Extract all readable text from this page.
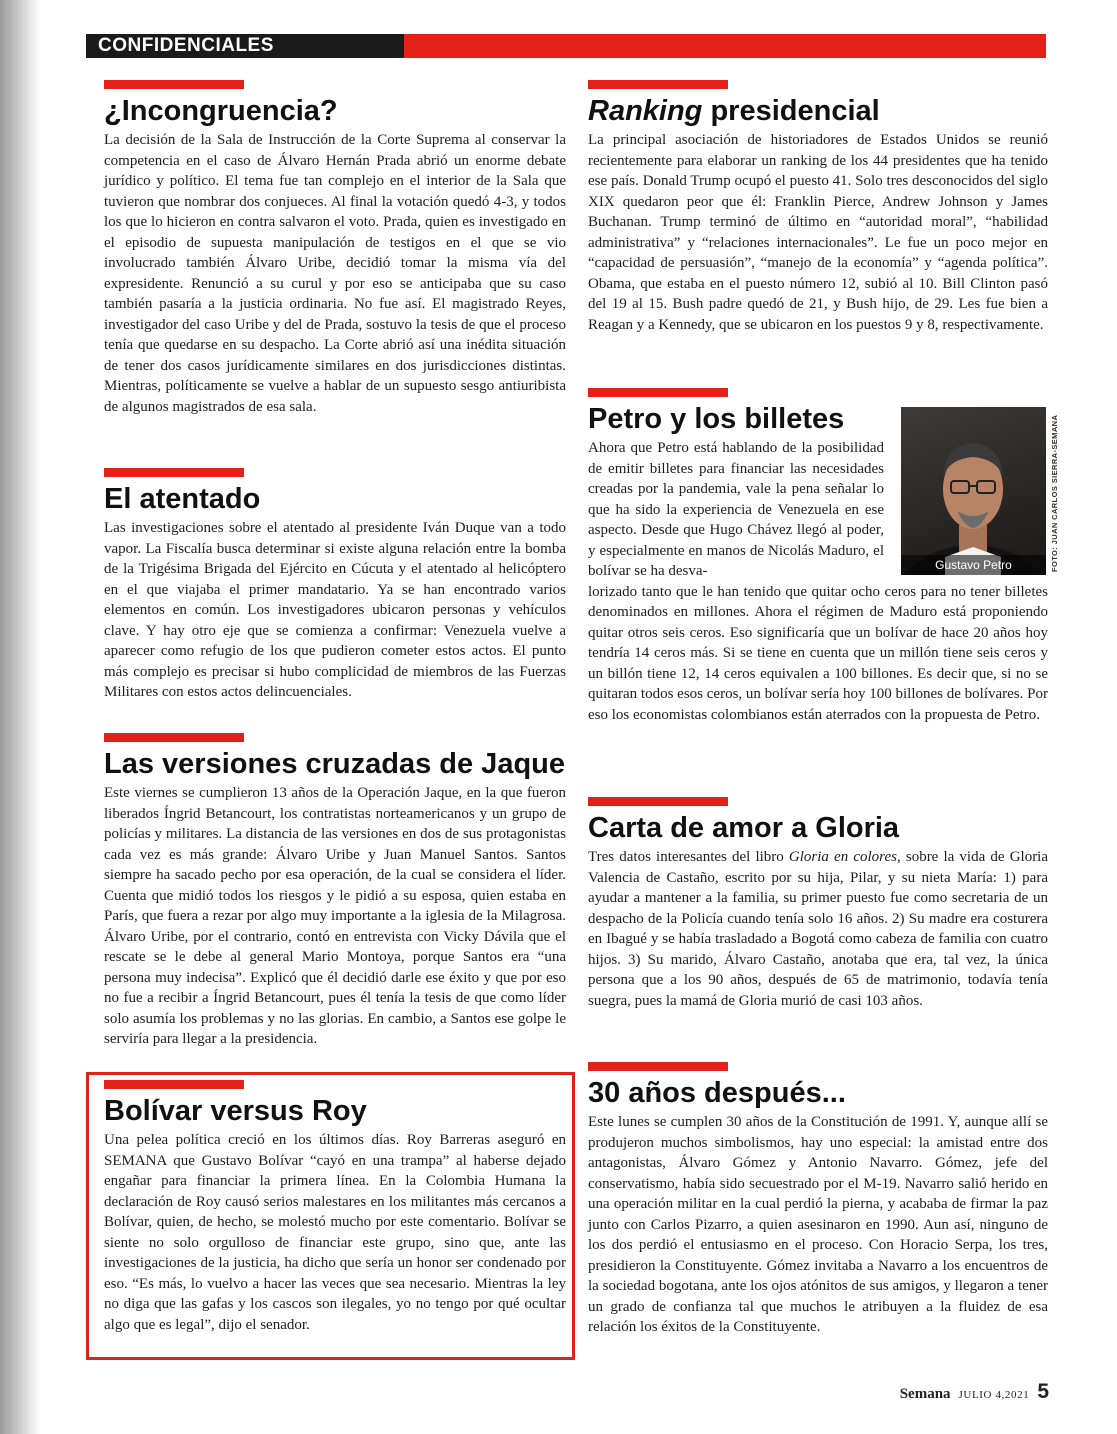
CONFIDENCIALES
¿Incongruencia?

La decisión de la Sala de Instrucción de la Corte Suprema al conservar la competencia en el caso de Álvaro Hernán Prada abrió un enorme debate jurídico y político. El tema fue tan complejo en el interior de la Sala que tuvieron que nombrar dos conjueces. Al final la votación quedó 4-3, y todos los que lo hicieron en contra salvaron el voto. Prada, quien es investigado en el episodio de supuesta manipulación de testigos en el que se vio involucrado también Álvaro Uribe, decidió tomar la misma vía del expresidente. Renunció a su curul y por eso se anticipaba que su caso también pasaría a la justicia ordinaria. No fue así. El magistrado Reyes, investigador del caso Uribe y del de Prada, sostuvo la tesis de que el proceso tenía que quedarse en su despacho. La Corte abrió así una inédita situación de tener dos casos jurídicamente similares en dos jurisdicciones distintas. Mientras, políticamente se vuelve a hablar de un supuesto sesgo antiuribista de algunos magistrados de esa sala.

El atentado

Las investigaciones sobre el atentado al presidente Iván Duque van a todo vapor. La Fiscalía busca determinar si existe alguna relación entre la bomba de la Trigésima Brigada del Ejército en Cúcuta y el atentado al helicóptero en el que viajaba el primer mandatario. Ya se han encontrado varios elementos en común. Los investigadores ubicaron personas y vehículos clave. Y hay otro eje que se comienza a confirmar: Venezuela vuelve a aparecer como refugio de los que pudieron cometer estos actos. El punto más complejo es precisar si hubo complicidad de miembros de las Fuerzas Militares con estos actos delincuenciales.

Las versiones cruzadas de Jaque

Este viernes se cumplieron 13 años de la Operación Jaque, en la que fueron liberados Íngrid Betancourt, los contratistas norteamericanos y un grupo de policías y militares. La distancia de las versiones en dos de sus protagonistas cada vez es más grande: Álvaro Uribe y Juan Manuel Santos. Santos siempre ha sacado pecho por esa operación, de la cual se considera el líder. Cuenta que midió todos los riesgos y le pidió a su esposa, quien estaba en París, que fuera a rezar por algo muy importante a la iglesia de la Milagrosa. Álvaro Uribe, por el contrario, contó en entrevista con Vicky Dávila que el rescate se le debe al general Mario Montoya, porque Santos era “una persona muy indecisa”. Explicó que él decidió darle ese éxito y que por eso no fue a recibir a Íngrid Betancourt, pues él tenía la tesis de que como líder solo asumía los problemas y no las glorias. En cambio, a Santos ese golpe le serviría para llegar a la presidencia.

Bolívar versus Roy

Una pelea política creció en los últimos días. Roy Barreras aseguró en SEMANA que Gustavo Bolívar “cayó en una trampa” al haberse dejado engañar para financiar la primera línea. En la Colombia Humana la declaración de Roy causó serios malestares en los militantes más cercanos a Bolívar, quien, de hecho, se molestó mucho por este comentario. Bolívar se siente no solo orgulloso de financiar este grupo, sino que, ante las investigaciones de la justicia, ha dicho que sería un honor ser condenado por eso. “Es más, lo vuelvo a hacer las veces que sea necesario. Mientras la ley no diga que las gafas y los cascos son ilegales, yo no tengo por qué ocultar algo que es legal”, dijo el senador.

Ranking presidencial

La principal asociación de historiadores de Estados Unidos se reunió recientemente para elaborar un ranking de los 44 presidentes que ha tenido ese país. Donald Trump ocupó el puesto 41. Solo tres desconocidos del siglo XIX quedaron peor que él: Franklin Pierce, Andrew Johnson y James Buchanan. Trump terminó de último en “autoridad moral”, “habilidad administrativa” y “relaciones internacionales”. Le fue un poco mejor en “capacidad de persuasión”, “manejo de la economía” y “agenda política”. Obama, que estaba en el puesto número 12, subió al 10. Bill Clinton pasó del 19 al 15. Bush padre quedó de 21, y Bush hijo, de 29. Les fue bien a Reagan y a Kennedy, que se ubicaron en los puestos 9 y 8, respectivamente.

Petro y los billetes

Ahora que Petro está hablando de la posibilidad de emitir billetes para financiar las necesidades creadas por la pandemia, vale la pena señalar lo que ha sido la experiencia de Venezuela en ese aspecto. Desde que Hugo Chávez llegó al poder, y especialmente en manos de Nicolás Maduro, el bolívar se ha desva-

lorizado tanto que le han tenido que quitar ocho ceros para no tener billetes denominados en millones. Ahora el régimen de Maduro está proponiendo quitar otros seis ceros. Eso significaría que un bolívar de hace 20 años hoy tendría 14 ceros más. Si se tiene en cuenta que un millón tiene seis ceros y un billón tiene 12, 14 ceros equivalen a 100 billones. Es decir que, si no se quitaran todos esos ceros, un bolívar sería hoy 100 billones de bolívares. Por eso los economistas colombianos están aterrados con la propuesta de Petro.

Gustavo Petro	FOTO: JUAN CARLOS SIERRA-SEMANA
Carta de amor a Gloria

Tres datos interesantes del libro Gloria en colores, sobre la vida de Gloria Valencia de Castaño, escrito por su hija, Pilar, y su nieta María: 1) para ayudar a mantener a la familia, su primer puesto fue como secretaria de un despacho de la Policía cuando tenía solo 16 años. 2) Su madre era costurera en Ibagué y se había trasladado a Bogotá como cabeza de familia con cuatro hijos. 3) Su marido, Álvaro Castaño, anotaba que era, tal vez, la única persona que a los 90 años, después de 65 de matrimonio, todavía tenía suegra, pues la mamá de Gloria murió de casi 103 años.

30 años después...

Este lunes se cumplen 30 años de la Constitución de 1991. Y, aunque allí se produjeron muchos simbolismos, hay uno especial: la amistad entre dos antagonistas, Álvaro Gómez y Antonio Navarro. Gómez, jefe del conservatismo, había sido secuestrado por el M-19. Navarro salió herido en una operación militar en la cual perdió la pierna, y acababa de firmar la paz junto con Carlos Pizarro, a quien asesinaron en 1990. Aun así, ninguno de los dos perdió el entusiasmo en el proceso. Con Horacio Serpa, los tres, presidieron la Constituyente. Gómez invitaba a Navarro a los encuentros de la sociedad bogotana, ante los ojos atónitos de sus amigos, y llegaron a tener un grado de confianza tal que muchos le atribuyen a la fluidez de esa relación los éxitos de la Constituyente.

Semana JULIO 4,2021 5
